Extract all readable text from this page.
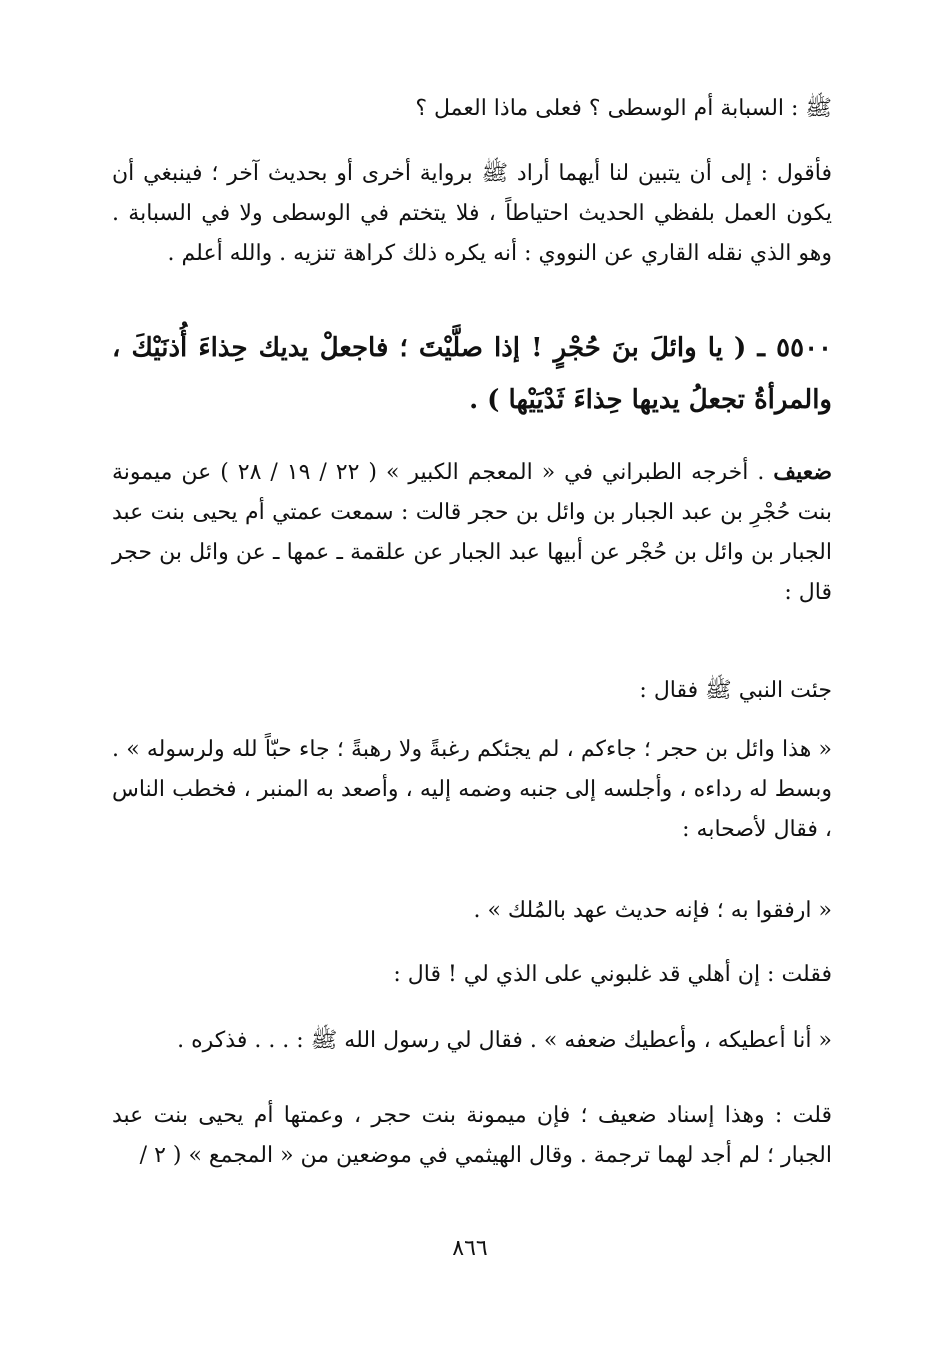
ﷺ : السبابة أم الوسطى ؟ فعلى ماذا العمل ؟
فأقول : إلى أن يتبين لنا أيهما أراد ﷺ برواية أخرى أو بحديث آخر ؛ فينبغي أن يكون العمل بلفظي الحديث احتياطاً ، فلا يتختم في الوسطى ولا في السبابة . وهو الذي نقله القاري عن النووي : أنه يكره ذلك كراهة تنزيه . والله أعلم .
٥٥٠٠ ـ ( يا وائلَ بنَ حُجْرٍ ! إذا صلَّيْتَ ؛ فاجعلْ يديك حِذاءَ أُذنَيْكَ ، والمرأةُ تجعلُ يديها حِذاءَ ثَدْيَيْها ) .
ضعيف . أخرجه الطبراني في « المعجم الكبير » ( ٢٢ / ١٩ / ٢٨ ) عن ميمونة بنت حُجْرِ بن عبد الجبار بن وائل بن حجر قالت : سمعت عمتي أم يحيى بنت عبد الجبار بن وائل بن حُجْر عن أبيها عبد الجبار عن علقمة ـ عمها ـ عن وائل بن حجر قال :
جئت النبي ﷺ فقال :
« هذا وائل بن حجر ؛ جاءكم ، لم يجئكم رغبةً ولا رهبةً ؛ جاء حبّاً لله ولرسوله » . وبسط له رداءه ، وأجلسه إلى جنبه وضمه إليه ، وأصعد به المنبر ، فخطب الناس ، فقال لأصحابه :
« ارفقوا به ؛ فإنه حديث عهد بالمُلك » .
فقلت : إن أهلي قد غلبوني على الذي لي ! قال :
« أنا أعطيكه ، وأعطيك ضعفه » . فقال لي رسول الله ﷺ : . . . فذكره .
قلت : وهذا إسناد ضعيف ؛ فإن ميمونة بنت حجر ، وعمتها أم يحيى بنت عبد الجبار ؛ لم أجد لهما ترجمة . وقال الهيثمي في موضعين من « المجمع » ( ٢ /
٨٦٦
